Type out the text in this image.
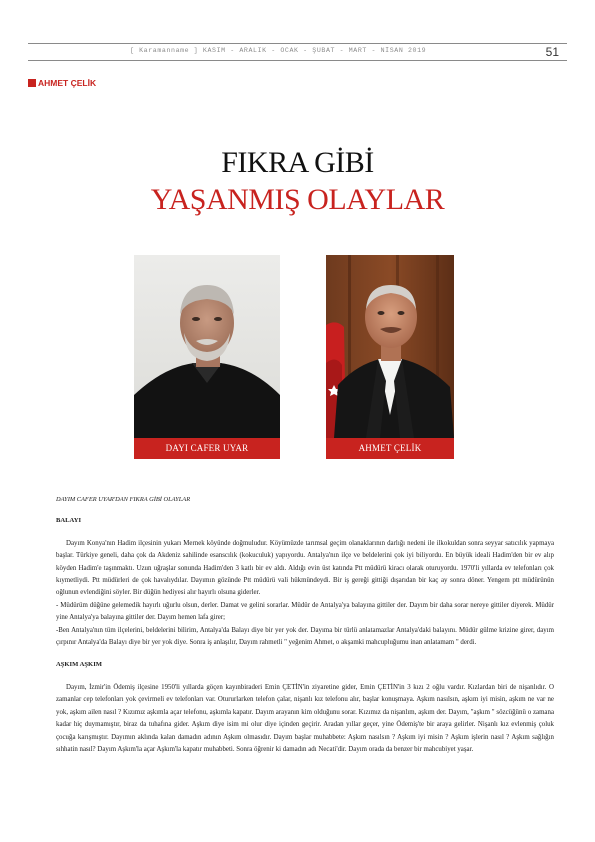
[ Karamanname ] KASIM - ARALIK - OCAK - ŞUBAT - MART - NİSAN 2019	51
AHMET ÇELİK
FIKRA GİBİ
YAŞANMIŞ OLAYLAR
DAYI CAFER UYAR	AHMET ÇELİK

DAYIM CAFER UYAR'DAN FIKRA GİBİ OLAYLAR

BALAYI

Dayım Konya'nın Hadim ilçesinin yukarı Mernek köyünde doğmuludur. Köyümüzde tarımsal geçim olanaklarının darlığı nedeni ile ilkokuldan sonra seyyar satıcılık yapmaya başlar. Türkiye geneli, daha çok da Akdeniz sahilinde esanscılık (kokuculuk) yapıyordu. Antalya'nın ilçe ve beldelerini çok iyi biliyordu. En büyük ideali Hadim'den bir ev alıp köyden Hadim'e taşınmaktı. Uzun uğraşlar sonunda Hadim'den 3 katlı bir ev aldı. Aldığı evin üst katında Ptt müdürü kiracı olarak oturuyordu. 1970'li yıllarda ev telefonları çok kıymetliydi. Ptt müdürleri de çok havalıydılar. Dayımın gözünde Ptt müdürü vali hükmündeydi. Bir iş gereği gittiği dışarıdan bir kaç ay sonra döner. Yengem ptt müdürünün oğlunun evlendiğini söyler. Bir düğün hediyesi alır hayırlı olsuna giderler.

- Müdürüm düğüne gelemedik hayırlı uğurlu olsun, derler. Damat ve gelini sorarlar. Müdür de Antalya'ya balayına gittiler der. Dayım bir daha sorar nereye gittiler diyerek. Müdür yine Antalya'ya balayına gittiler der. Dayım hemen lafa girer;

-Ben Antalya'nın tüm ilçelerini, beldelerini bilirim, Antalya'da Balayı diye bir yer yok der. Dayıma bir türlü anlatamazlar Antalya'daki balayını. Müdür gülme krizine girer, dayım çırpınır Antalya'da Balayı diye bir yer yok diye. Sonra iş anlaşılır, Dayım rahmetli " yeğenim Ahmet, o akşamki mahcupluğumu inan anlatamam " derdi.

AŞKIM AŞKIM

Dayım, İzmir'in Ödemiş ilçesine 1950'li yıllarda göçen kayınbiraderi Emin ÇETİN'in ziyaretine gider, Emin ÇETİN'in 3 kızı 2 oğlu vardır. Kızlardan biri de nişanlıdır. O zamanlar cep telefonları yok çevirmeli ev telefonları var. Otururlarken telefon çalar, nişanlı kız telefonu alır, başlar konuşmaya. Aşkım nasılsın, aşkım iyi misin, aşkım ne var ne yok, aşkım ailen nasıl ? Kızımız aşkımla açar telefonu, aşkımla kapatır. Dayım arayanın kim olduğunu sorar. Kızımız da nişanlım, aşkım der. Dayım, "aşkım " sözcüğünü o zamana kadar hiç duymamıştır, biraz da tuhafına gider. Aşkım diye isim mi olur diye içinden geçirir. Aradan yıllar geçer, yine Ödemiş'te bir araya gelirler. Nişanlı kız evlenmiş çoluk çocuğa karışmıştır. Dayımın aklında kalan damadın adının Aşkım olmasıdır. Dayım başlar muhabbete: Aşkım nasılsın ? Aşkım iyi misin ? Aşkım işlerin nasıl ? Aşkım sağlığın sıhhatin nasıl? Dayım Aşkım'la açar Aşkım'la kapatır muhabbeti. Sonra öğrenir ki damadın adı Necati'dir. Dayım orada da benzer bir mahcubiyet yaşar.
